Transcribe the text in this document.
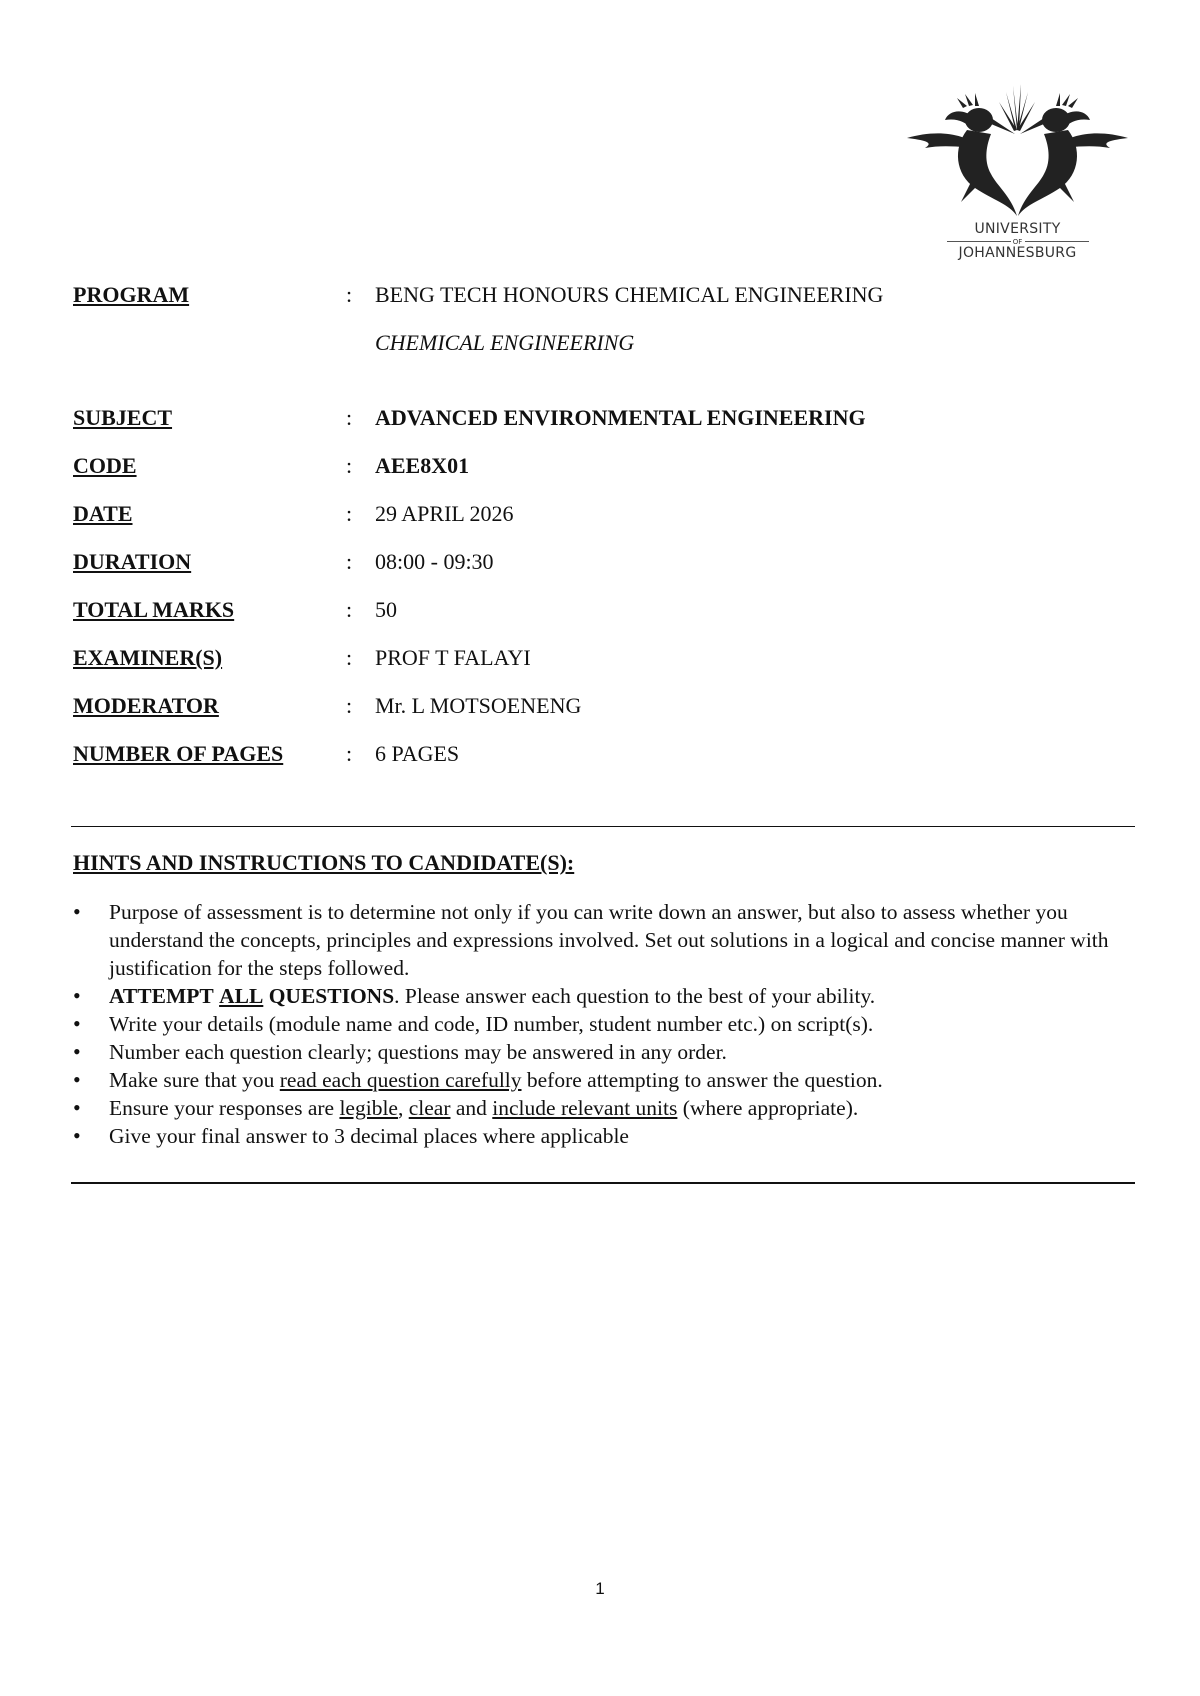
UNIVERSITY
OF
JOHANNESBURG
PROGRAM	: BENG TECH HONOURS CHEMICAL ENGINEERING
CHEMICAL ENGINEERING
SUBJECT	: ADVANCED ENVIRONMENTAL ENGINEERING
CODE	: AEE8X01
DATE	: 29 APRIL 2026
DURATION	: 08:00 - 09:30
TOTAL MARKS	: 50
EXAMINER(S)	: PROF T FALAYI
MODERATOR	: Mr. L MOTSOENENG
NUMBER OF PAGES	: 6 PAGES
HINTS AND INSTRUCTIONS TO CANDIDATE(S):
• Purpose of assessment is to determine not only if you can write down an answer, but also to assess whether you understand the concepts, principles and expressions involved. Set out solutions in a logical and concise manner with justification for the steps followed.
• ATTEMPT ALL QUESTIONS. Please answer each question to the best of your ability.
• Write your details (module name and code, ID number, student number etc.) on script(s).
• Number each question clearly; questions may be answered in any order.
• Make sure that you read each question carefully before attempting to answer the question.
• Ensure your responses are legible, clear and include relevant units (where appropriate).
• Give your final answer to 3 decimal places where applicable
1
